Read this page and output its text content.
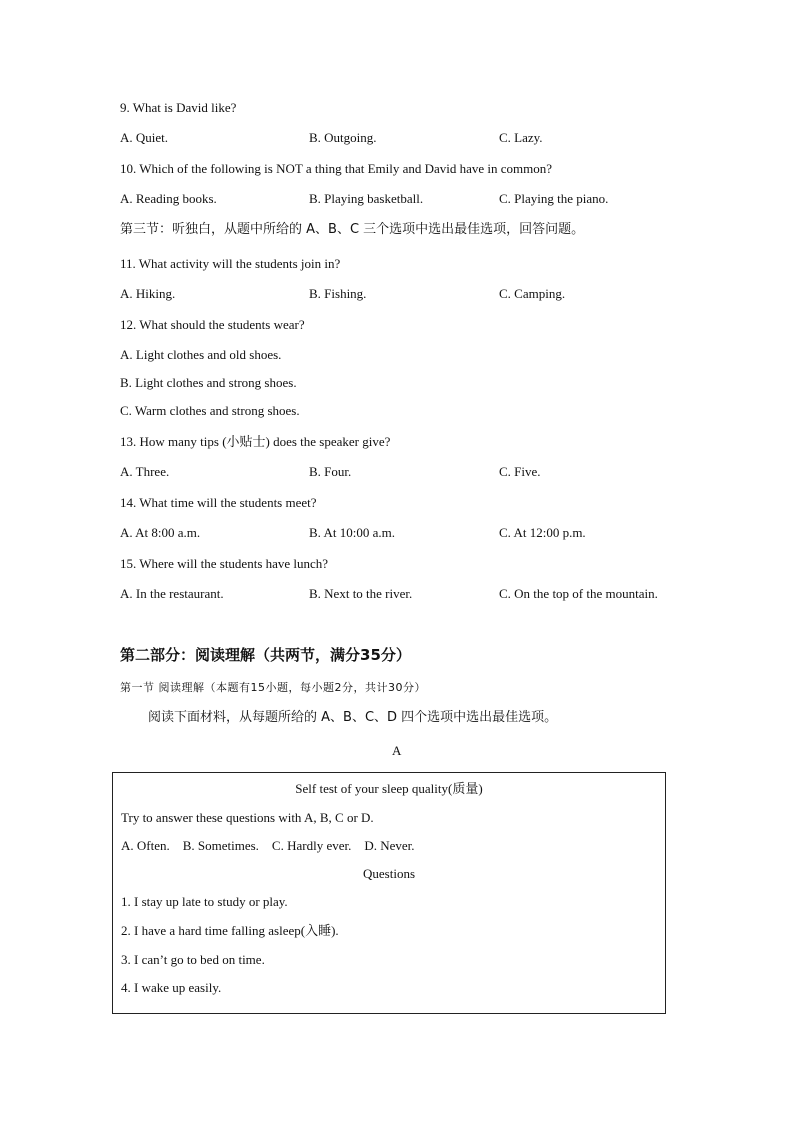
9. What is David like?
A. Quiet.	B. Outgoing.	C. Lazy.
10. Which of the following is NOT a thing that Emily and David have in common?
A. Reading books.	B. Playing basketball.	C. Playing the piano.
第三节：听独白，从题中所给的 A、B、C 三个选项中选出最佳选项，回答问题。
11. What activity will the students join in?
A. Hiking.	B. Fishing.	C. Camping.
12. What should the students wear?
A. Light clothes and old shoes.
B. Light clothes and strong shoes.
C. Warm clothes and strong shoes.
13. How many tips (小贴士) does the speaker give?
A. Three.	B. Four.	C. Five.
14. What time will the students meet?
A. At 8:00 a.m.	B. At 10:00 a.m.	C. At 12:00 p.m.
15. Where will the students have lunch?
A. In the restaurant.	B. Next to the river.	C. On the top of the mountain.
第二部分：阅读理解（共两节，满分35分）
第一节 阅读理解（本题有15小题，每小题2分，共计30分）
阅读下面材料，从每题所给的 A、B、C、D 四个选项中选出最佳选项。
A
Self test of your sleep quality(质量)
Try to answer these questions with A, B, C or D.
A. Often.    B. Sometimes.    C. Hardly ever.    D. Never.
Questions
1. I stay up late to study or play.
2. I have a hard time falling asleep(入睡).
3. I can’t go to bed on time.
4. I wake up easily.
